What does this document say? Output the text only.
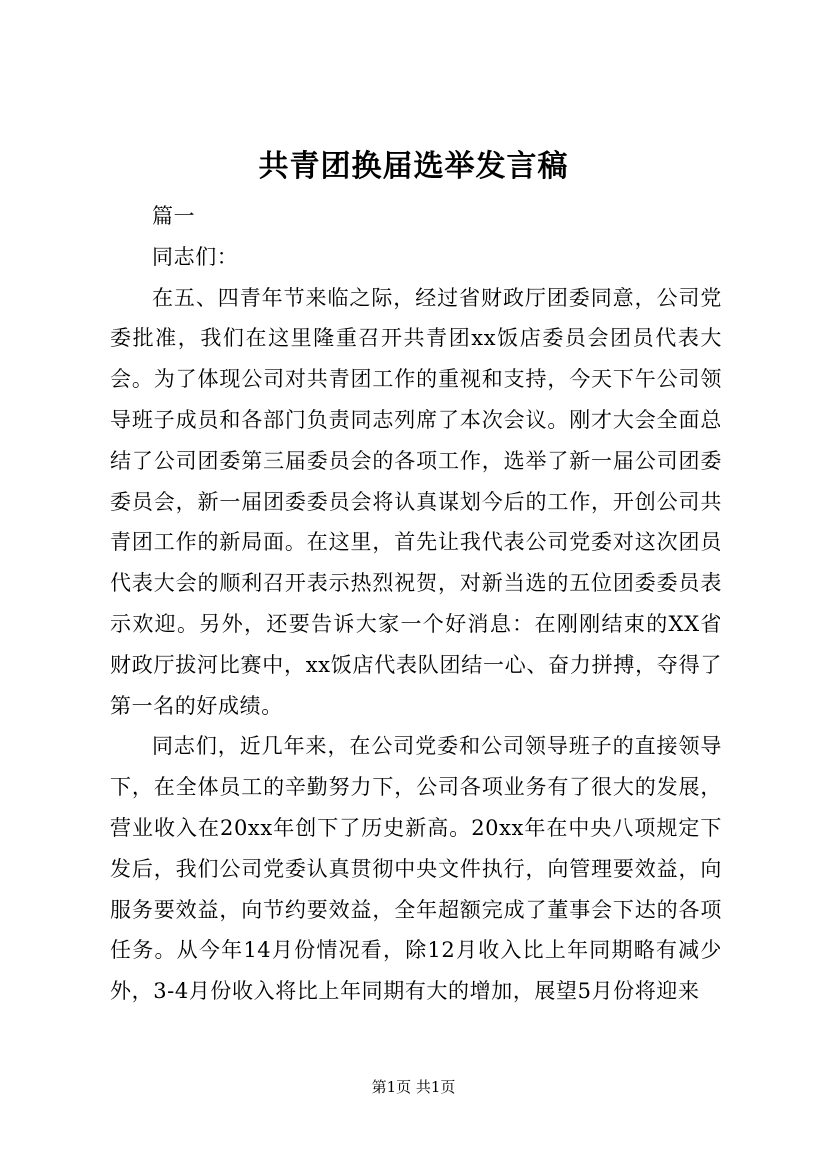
共青团换届选举发言稿

篇一

同志们：

在五、四青年节来临之际，经过省财政厅团委同意，公司党委批准，我们在这里隆重召开共青团xx饭店委员会团员代表大会。为了体现公司对共青团工作的重视和支持，今天下午公司领导班子成员和各部门负责同志列席了本次会议。刚才大会全面总结了公司团委第三届委员会的各项工作，选举了新一届公司团委委员会，新一届团委委员会将认真谋划今后的工作，开创公司共青团工作的新局面。在这里，首先让我代表公司党委对这次团员代表大会的顺利召开表示热烈祝贺，对新当选的五位团委委员表示欢迎。另外，还要告诉大家一个好消息：在刚刚结束的XX省财政厅拔河比赛中，xx饭店代表队团结一心、奋力拼搏，夺得了第一名的好成绩。

同志们，近几年来，在公司党委和公司领导班子的直接领导下，在全体员工的辛勤努力下，公司各项业务有了很大的发展，营业收入在20xx年创下了历史新高。20xx年在中央八项规定下发后，我们公司党委认真贯彻中央文件执行，向管理要效益，向服务要效益，向节约要效益，全年超额完成了董事会下达的各项任务。从今年14月份情况看，除12月收入比上年同期略有减少外，3-4月份收入将比上年同期有大的增加，展望5月份将迎来

第1页 共1页
